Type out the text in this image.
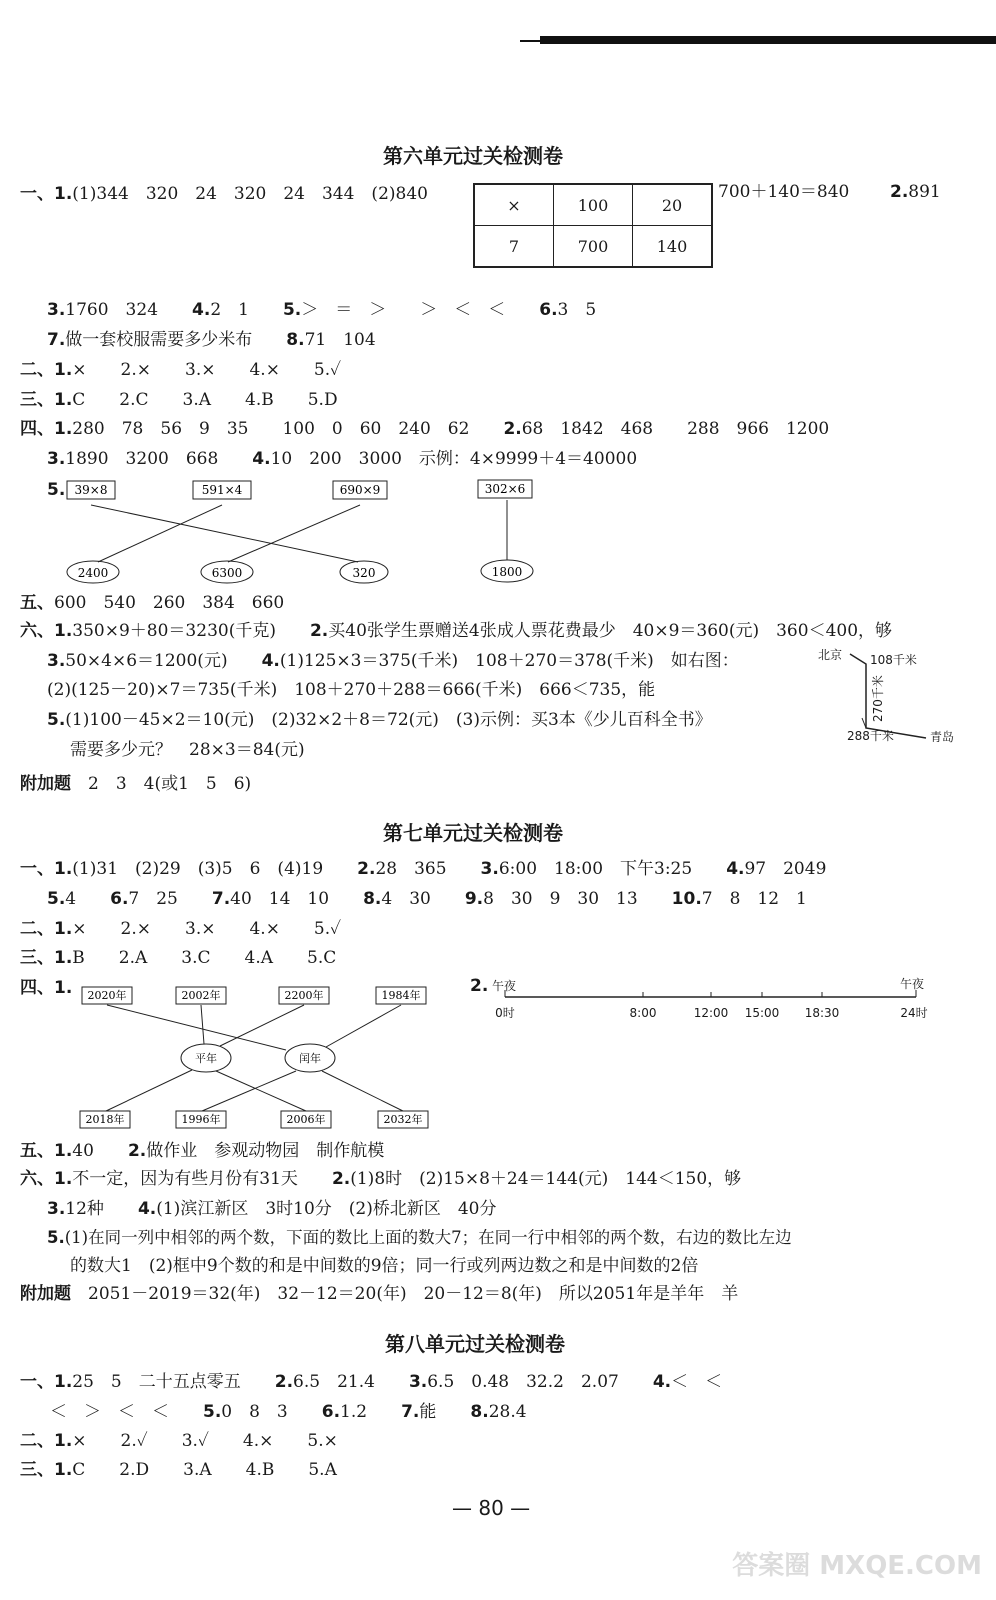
第六单元过关检测卷
一、1.(1)344　320　24　320　24　344　(2)840
×	100	20
7	700	140
700＋140＝840 2.891
3.1760　324　　 4.2　1　　 5.＞　＝　＞　　＞　＜　＜　　 6.3　5
7.做一套校服需要多少米布　　 8.71　104
二、1.×　　2.×　　3.×　　4.×　　5.✓
三、1.C　　2.C　　3.A　　4.B　　5.D
四、1.280　78　56　9　35　　100　0　60　240　62　　 2.68　1842　468　　288　966　1200
3.1890　3200　668　　 4.10　200　3000　示例：4×9999＋4＝40000
5. 39×8	591×4	690×9	302×6
2400	6300	320	1800
五、600　540　260　384　660
六、1.350×9＋80＝3230(千克)　　 2.买40张学生票赠送4张成人票花费最少　40×9＝360(元)　360＜400，够
3.50×4×6＝1200(元)　　 4.(1)125×3＝375(千米)　108＋270＝378(千米)　如右图：
(2)(125－20)×7＝735(千米)　108＋270＋288＝666(千米)　666＜735，能
5.(1)100－45×2＝10(元)　(2)32×2＋8＝72(元)　(3)示例：买3本《少儿百科全书》
需要多少元？　28×3＝84(元)
北京 108千米
288千米	青岛
270千米
附加题　 2　3　4(或1　5　6)
第七单元过关检测卷
一、1.(1)31　(2)29　(3)5　6　(4)19　　 2.28　365　　 3.6:00　18:00　下午3:25　　 4.97　2049
5.4　　 6.7　25　　 7.40　14　10　　 8.4　30　　 9.8　30　9　30　13　　 10.7　8　12　1
二、1.×　　2.×　　3.×　　4.×　　5.✓
三、1.B　　2.A　　3.C　　4.A　　5.C
四、1. 2020年	2002年	2200年	1984年
平年	闰年
2018年	1996年	2006年	2032年
2. 午夜	午夜
0时	8:00	12:00 15:00 18:30	24时
五、1.40　　 2.做作业　参观动物园　制作航模
六、1.不一定，因为有些月份有31天　　 2.(1)8时　(2)15×8＋24＝144(元)　144＜150，够
3.12种　　 4.(1)滨江新区　3时10分　(2)桥北新区　40分
5.(1)在同一列中相邻的两个数，下面的数比上面的数大7；在同一行中相邻的两个数，右边的数比左边
的数大1　(2)框中9个数的和是中间数的9倍；同一行或列两边数之和是中间数的2倍
附加题　 2051－2019＝32(年)　32－12＝20(年)　20－12＝8(年)　所以2051年是羊年　羊
第八单元过关检测卷
一、1.25　5　二十五点零五　　 2.6.5　21.4　　 3.6.5　0.48　32.2　2.07　　 4.＜　＜
＜　＞　＜　＜　　 5.0　8　3　　 6.1.2　　 7.能　　 8.28.4
二、1.×　　2.✓　　3.✓　　4.×　　5.×
三、1.C　　2.D　　3.A　　4.B　　5.A
— 80 —
答案圈 MXQE.COM
